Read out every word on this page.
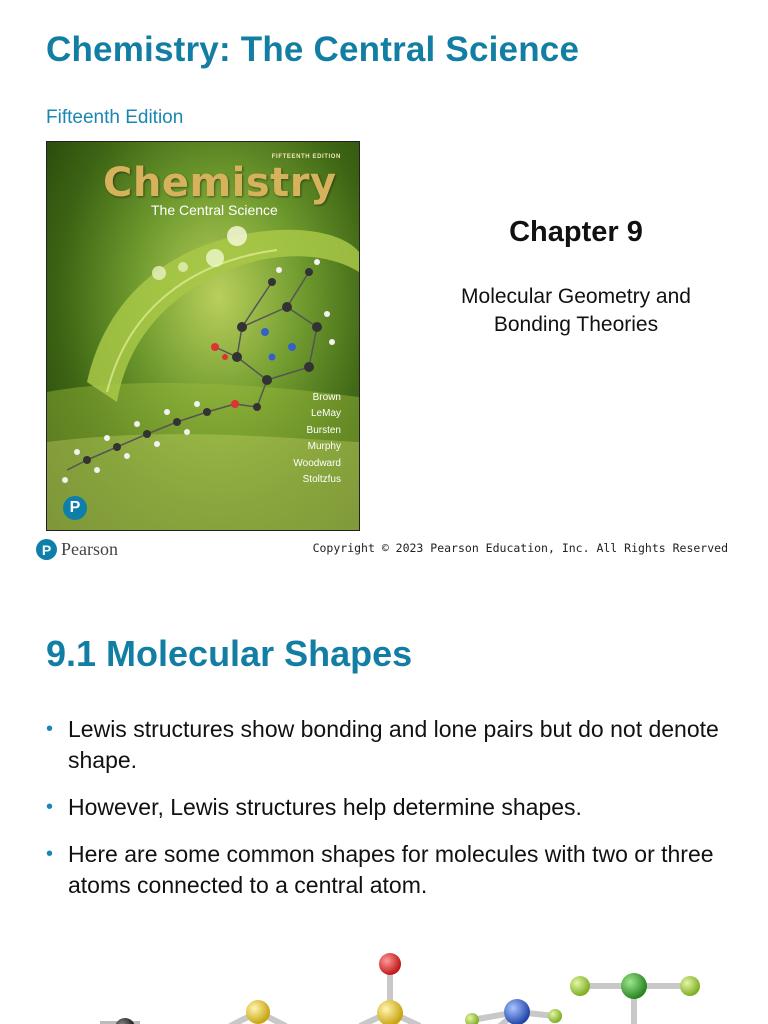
Chemistry: The Central Science
Fifteenth Edition
FIFTEENTH EDITION
Chemistry
The Central Science
Brown
LeMay
Bursten
Murphy
Woodward
Stoltzfus
P
Chapter 9
Molecular Geometry and
Bonding Theories
P Pearson	Copyright © 2023 Pearson Education, Inc. All Rights Reserved
9.1 Molecular Shapes
• Lewis structures show bonding and lone pairs but do not denote shape.
• However, Lewis structures help determine shapes.
• Here are some common shapes for molecules with two or three atoms connected to a central atom.
